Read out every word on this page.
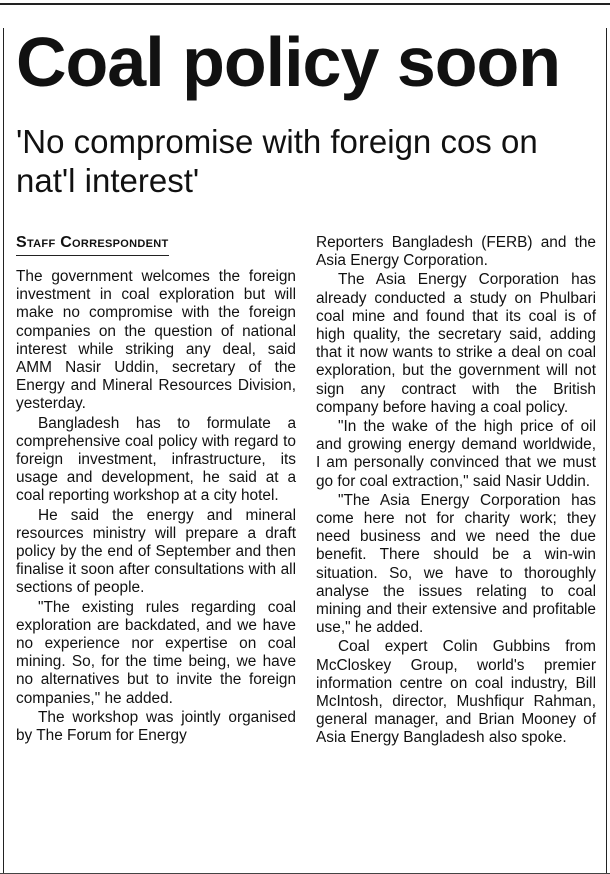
Coal policy soon
'No compromise with foreign cos on nat'l interest'
Staff Correspondent

The government welcomes the foreign investment in coal exploration but will make no compromise with the foreign companies on the question of national interest while striking any deal, said AMM Nasir Uddin, secretary of the Energy and Mineral Resources Division, yesterday.

Bangladesh has to formulate a comprehensive coal policy with regard to foreign investment, infrastructure, its usage and development, he said at a coal reporting workshop at a city hotel.

He said the energy and mineral resources ministry will prepare a draft policy by the end of September and then finalise it soon after consultations with all sections of people.

"The existing rules regarding coal exploration are backdated, and we have no experience nor expertise on coal mining. So, for the time being, we have no alternatives but to invite the foreign companies," he added.

The workshop was jointly organised by The Forum for Energy

Reporters Bangladesh (FERB) and the Asia Energy Corporation.

The Asia Energy Corporation has already conducted a study on Phulbari coal mine and found that its coal is of high quality, the secretary said, adding that it now wants to strike a deal on coal exploration, but the government will not sign any contract with the British company before having a coal policy.

"In the wake of the high price of oil and growing energy demand worldwide, I am personally convinced that we must go for coal extraction," said Nasir Uddin.

"The Asia Energy Corporation has come here not for charity work; they need business and we need the due benefit. There should be a win-win situation. So, we have to thoroughly analyse the issues relating to coal mining and their extensive and profitable use," he added.

Coal expert Colin Gubbins from McCloskey Group, world's premier information centre on coal industry, Bill McIntosh, director, Mushfiqur Rahman, general manager, and Brian Mooney of Asia Energy Bangladesh also spoke.
